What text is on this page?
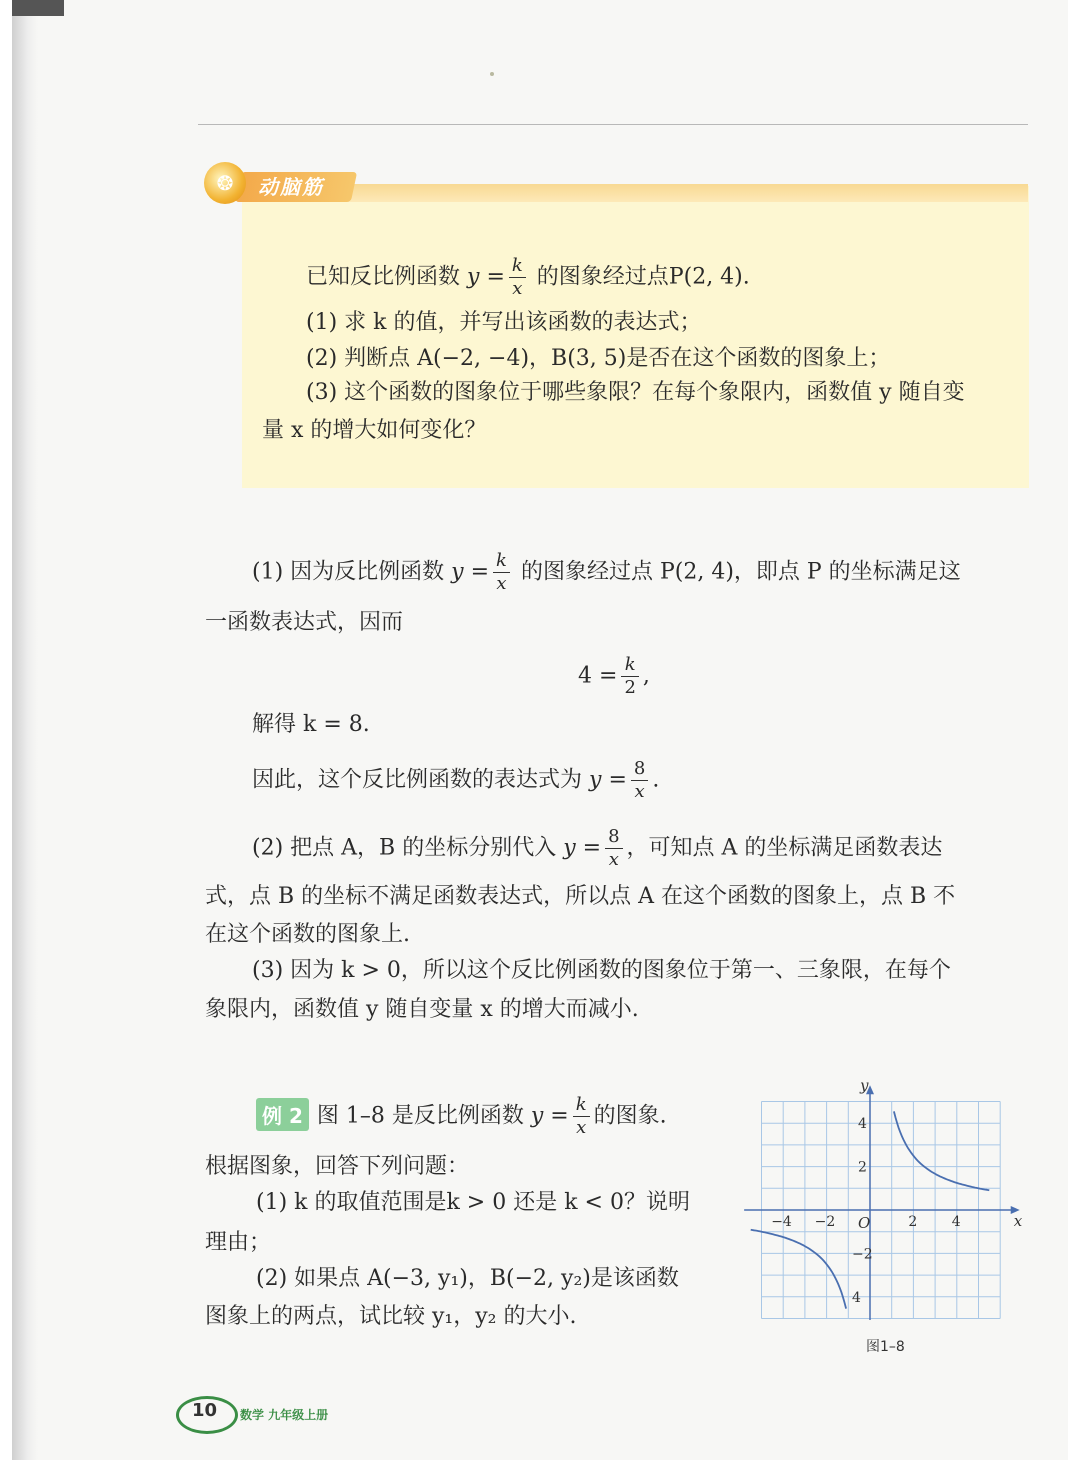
❂	动脑筋
已知反比例函数 $y = \frac{k}{x}$ 的图象经过点P(2, 4).
(1) 求 k 的值，并写出该函数的表达式；
(2) 判断点 A(−2, −4)，B(3, 5)是否在这个函数的图象上；
(3) 这个函数的图象位于哪些象限？在每个象限内，函数值 y 随自变
量 x 的增大如何变化？
(1) 因为反比例函数 $y = \frac{k}{x}$ 的图象经过点 P(2, 4)，即点 P 的坐标满足这
一函数表达式，因而
$4 = \frac{k}{2}$ ,
解得 k = 8.
因此，这个反比例函数的表达式为 $y = \frac{8}{x}$ .
(2) 把点 A，B 的坐标分别代入 $y = \frac{8}{x}$ ，可知点 A 的坐标满足函数表达
式，点 B 的坐标不满足函数表达式，所以点 A 在这个函数的图象上，点 B 不
在这个函数的图象上.
(3) 因为 k > 0，所以这个反比例函数的图象位于第一、三象限，在每个
象限内，函数值 y 随自变量 x 的增大而减小.
例 2 图 1–8 是反比例函数 $y = \frac{k}{x}$ 的图象.
根据图象，回答下列问题：
(1) k 的取值范围是k > 0 还是 k < 0？说明
理由；
(2) 如果点 A(−3, y₁)，B(−2, y₂)是该函数
图象上的两点，试比较 y₁，y₂ 的大小.
x
y
O
−4 −2	2 4
4
2
−2
4
图1–8
10 数学 九年级上册
